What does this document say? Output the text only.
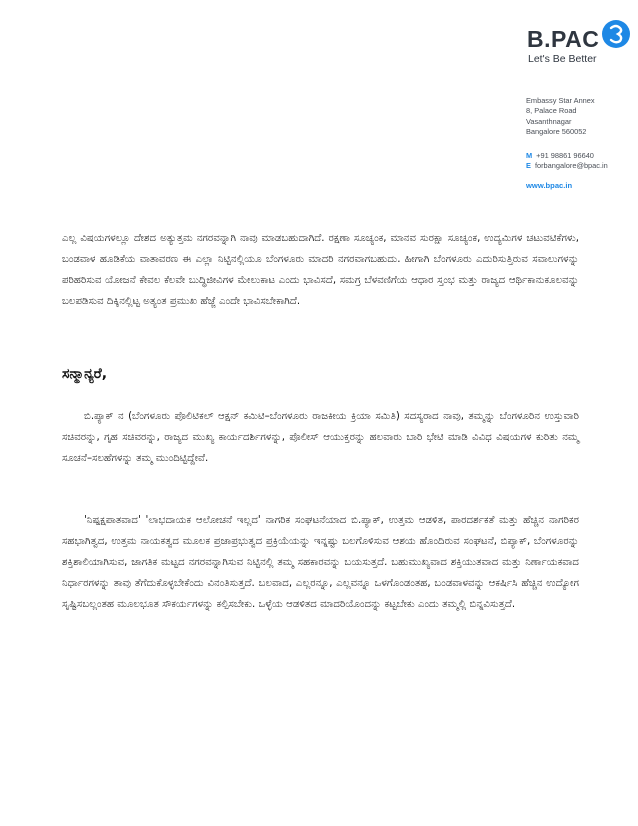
B.PAC
Let's Be Better
Embassy Star Annex
8, Palace Road
Vasanthnagar
Bangalore 560052
M +91 98861 96640
E forbangalore@bpac.in
www.bpac.in
ಎಲ್ಲ ವಿಷಯಗಳಲ್ಲೂ ದೇಶದ ಅತ್ಯುತ್ತಮ ನಗರವನ್ನಾಗಿ ನಾವು ಮಾಡಬಹುದಾಗಿದೆ. ರಕ್ಷಣಾ ಸೂಚ್ಯಂಕ, ಮಾನವ ಸುರಕ್ಷಾ ಸೂಚ್ಯಂಕ, ಉದ್ಯಮಿಗಳ ಚಟುವಟಿಕೆಗಳು, ಬಂಡವಾಳ ಹೂಡಿಕೆಯ ವಾತಾವರಣ ಈ ಎಲ್ಲಾ ನಿಟ್ಟಿನಲ್ಲಿಯೂ ಬೆಂಗಳೂರು ಮಾದರಿ ನಗರವಾಗಬಹುದು. ಹೀಗಾಗಿ ಬೆಂಗಳೂರು ಎದುರಿಸುತ್ತಿರುವ ಸವಾಲುಗಳನ್ನು ಪರಿಹರಿಸುವ ಯೋಜನೆ ಕೇವಲ ಕೆಲವೇ ಬುದ್ಧಿಜೀವಿಗಳ ಮೇಲುಕಾಟ ಎಂದು ಭಾವಿಸದೆ, ಸಮಗ್ರ ಬೆಳವಣಿಗೆಯ ಆಧಾರ ಸ್ತಂಭ ಮತ್ತು ರಾಜ್ಯದ ಆರ್ಥಿಕಾನುಕೂಲವನ್ನು ಬಲಪಡಿಸುವ ದಿಕ್ಕಿನಲ್ಲಿಟ್ಟ ಅತ್ಯಂತ ಪ್ರಮುಖ ಹೆಜ್ಜೆ ಎಂದೇ ಭಾವಿಸಬೇಕಾಗಿದೆ.
ಸನ್ಮಾನ್ಯರೆ,
ಬಿ.ಪ್ಯಾಕ್ ನ (ಬೆಂಗಳೂರು ಪೊಲಿಟಿಕಲ್ ಆಕ್ಷನ್ ಕಮಿಟಿ–ಬೆಂಗಳೂರು ರಾಜಕೀಯ ಕ್ರಿಯಾ ಸಮಿತಿ) ಸದಸ್ಯರಾದ ನಾವು, ತಮ್ಮನ್ನು ಬೆಂಗಳೂರಿನ ಉಸ್ತುವಾರಿ ಸಚಿವರನ್ನು, ಗೃಹ ಸಚಿವರನ್ನು, ರಾಜ್ಯದ ಮುಖ್ಯ ಕಾರ್ಯದರ್ಶಿಗಳನ್ನು, ಪೊಲೀಸ್ ಆಯುಕ್ತರನ್ನು ಹಲವಾರು ಬಾರಿ ಭೇಟಿ ಮಾಡಿ ವಿವಿಧ ವಿಷಯಗಳ ಕುರಿತು ನಮ್ಮ ಸೂಚನೆ–ಸಲಹೆಗಳನ್ನು ತಮ್ಮ ಮುಂದಿಟ್ಟಿದ್ದೇವೆ.
'ನಿಷ್ಪಕ್ಷಪಾತವಾದ' 'ಲಾಭದಾಯಕ ಆಲೋಚನೆ ಇಲ್ಲದ' ನಾಗರಿಕ ಸಂಘಟನೆಯಾದ ಬಿ.ಪ್ಯಾಕ್, ಉತ್ತಮ ಆಡಳಿತ, ಪಾರದರ್ಶಕತೆ ಮತ್ತು ಹೆಚ್ಚಿನ ನಾಗರಿಕರ ಸಹಭಾಗಿತ್ವದ, ಉತ್ತಮ ನಾಯಕತ್ವದ ಮೂಲಕ ಪ್ರಜಾಪ್ರಭುತ್ವದ ಪ್ರಕ್ರಿಯೆಯನ್ನು ಇನ್ನಷ್ಟು ಬಲಗೊಳಿಸುವ ಆಶಯ ಹೊಂದಿರುವ ಸಂಘಟನೆ, ಬಿಪ್ಯಾಕ್, ಬೆಂಗಳೂರನ್ನು ಶಕ್ತಿಶಾಲಿಯಾಗಿಸುವ, ಜಾಗತಿಕ ಮಟ್ಟದ ನಗರವನ್ನಾಗಿಸುವ ನಿಟ್ಟಿನಲ್ಲಿ ತಮ್ಮ ಸಹಕಾರವನ್ನು ಬಯಸುತ್ತದೆ. ಬಹುಮುಖ್ಯವಾದ ಶಕ್ತಿಯುತವಾದ ಮತ್ತು ನಿರ್ಣಾಯಕವಾದ ನಿರ್ಧಾರಗಳನ್ನು ತಾವು ತೆಗೆದುಕೊಳ್ಳಬೇಕೆಂದು ವಿನಂತಿಸುತ್ತದೆ. ಬಲವಾದ, ಎಲ್ಲರನ್ನೂ, ಎಲ್ಲವನ್ನೂ ಒಳಗೊಂಡಂತಹ, ಬಂಡವಾಳವನ್ನು ಆಕರ್ಷಿಸಿ ಹೆಚ್ಚಿನ ಉದ್ಯೋಗ ಸೃಷ್ಟಿಸಬಲ್ಲಂತಹ ಮೂಲಭೂತ ಸೌಕರ್ಯಗಳನ್ನು ಕಲ್ಪಿಸಬೇಕು. ಒಳ್ಳೆಯ ಆಡಳಿತದ ಮಾದರಿಯೊಂದನ್ನು ಕಟ್ಟಬೇಕು ಎಂದು ತಮ್ಮಲ್ಲಿ ಬಿನ್ನವಿಸುತ್ತದೆ.
